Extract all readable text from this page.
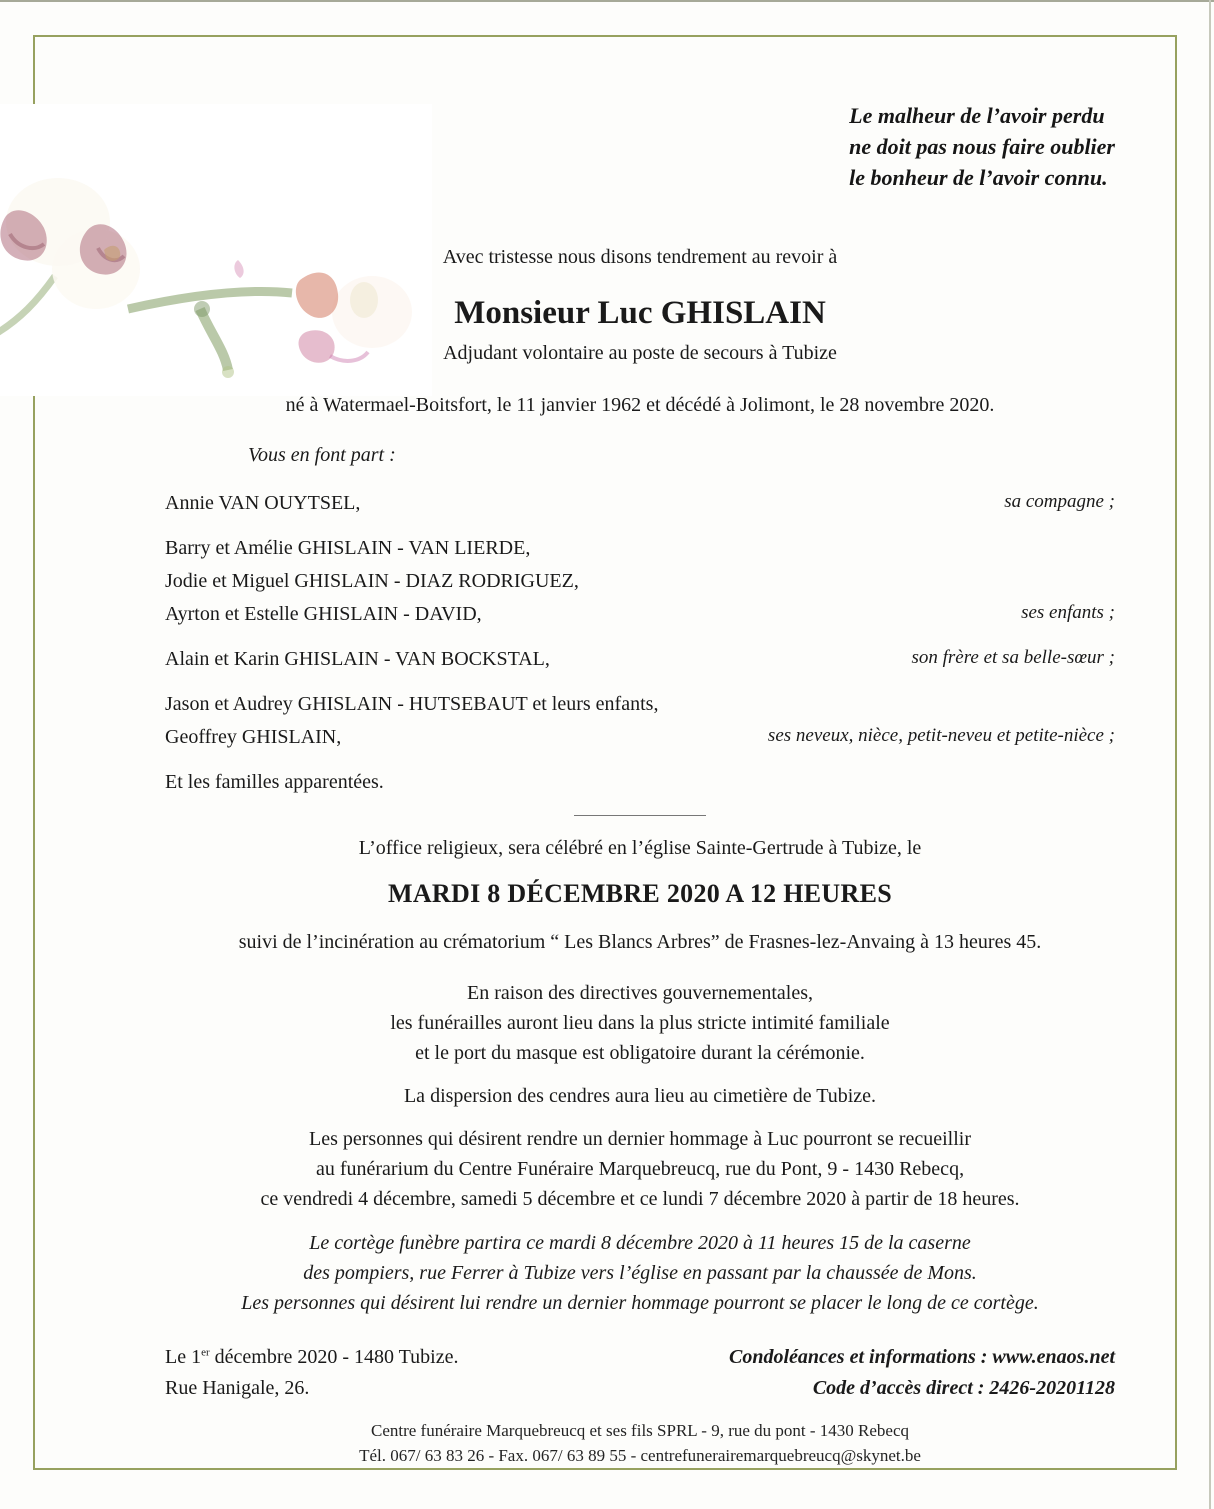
Le malheur de l’avoir perdu
ne doit pas nous faire oublier
le bonheur de l’avoir connu.
Avec tristesse nous disons tendrement au revoir à
Monsieur Luc GHISLAIN
Adjudant volontaire au poste de secours à Tubize
né à Watermael-Boitsfort, le 11 janvier 1962 et décédé à Jolimont, le 28 novembre 2020.
Vous en font part :
Annie VAN OUYTSEL,	sa compagne ;
Barry et Amélie GHISLAIN - VAN LIERDE,
Jodie et Miguel GHISLAIN - DIAZ RODRIGUEZ,
Ayrton et Estelle GHISLAIN - DAVID,	ses enfants ;
Alain et Karin GHISLAIN - VAN BOCKSTAL,	son frère et sa belle-sœur ;
Jason et Audrey GHISLAIN - HUTSEBAUT et leurs enfants,
Geoffrey GHISLAIN,	ses neveux, nièce, petit-neveu et petite-nièce ;
Et les familles apparentées.
L’office religieux, sera célébré en l’église Sainte-Gertrude à Tubize, le
MARDI 8 DÉCEMBRE 2020 A 12 HEURES
suivi de l’incinération au crématorium “ Les Blancs Arbres” de Frasnes-lez-Anvaing à 13 heures 45.
En raison des directives gouvernementales,
les funérailles auront lieu dans la plus stricte intimité familiale
et le port du masque est obligatoire durant la cérémonie.
La dispersion des cendres aura lieu au cimetière de Tubize.
Les personnes qui désirent rendre un dernier hommage à Luc pourront se recueillir
au funérarium du Centre Funéraire Marquebreucq, rue du Pont, 9 - 1430 Rebecq,
ce vendredi 4 décembre, samedi 5 décembre et ce lundi 7 décembre 2020 à partir de 18 heures.
Le cortège funèbre partira ce mardi 8 décembre 2020 à 11 heures 15 de la caserne
des pompiers, rue Ferrer à Tubize vers l’église en passant par la chaussée de Mons.
Les personnes qui désirent lui rendre un dernier hommage pourront se placer le long de ce cortège.
Le 1er décembre 2020 - 1480 Tubize.
Rue Hanigale, 26.
Condoléances et informations : www.enaos.net
Code d’accès direct : 2426-20201128
Centre funéraire Marquebreucq et ses fils SPRL - 9, rue du pont - 1430 Rebecq
Tél. 067/ 63 83 26 - Fax. 067/ 63 89 55 - centrefunerairemarquebreucq@skynet.be
